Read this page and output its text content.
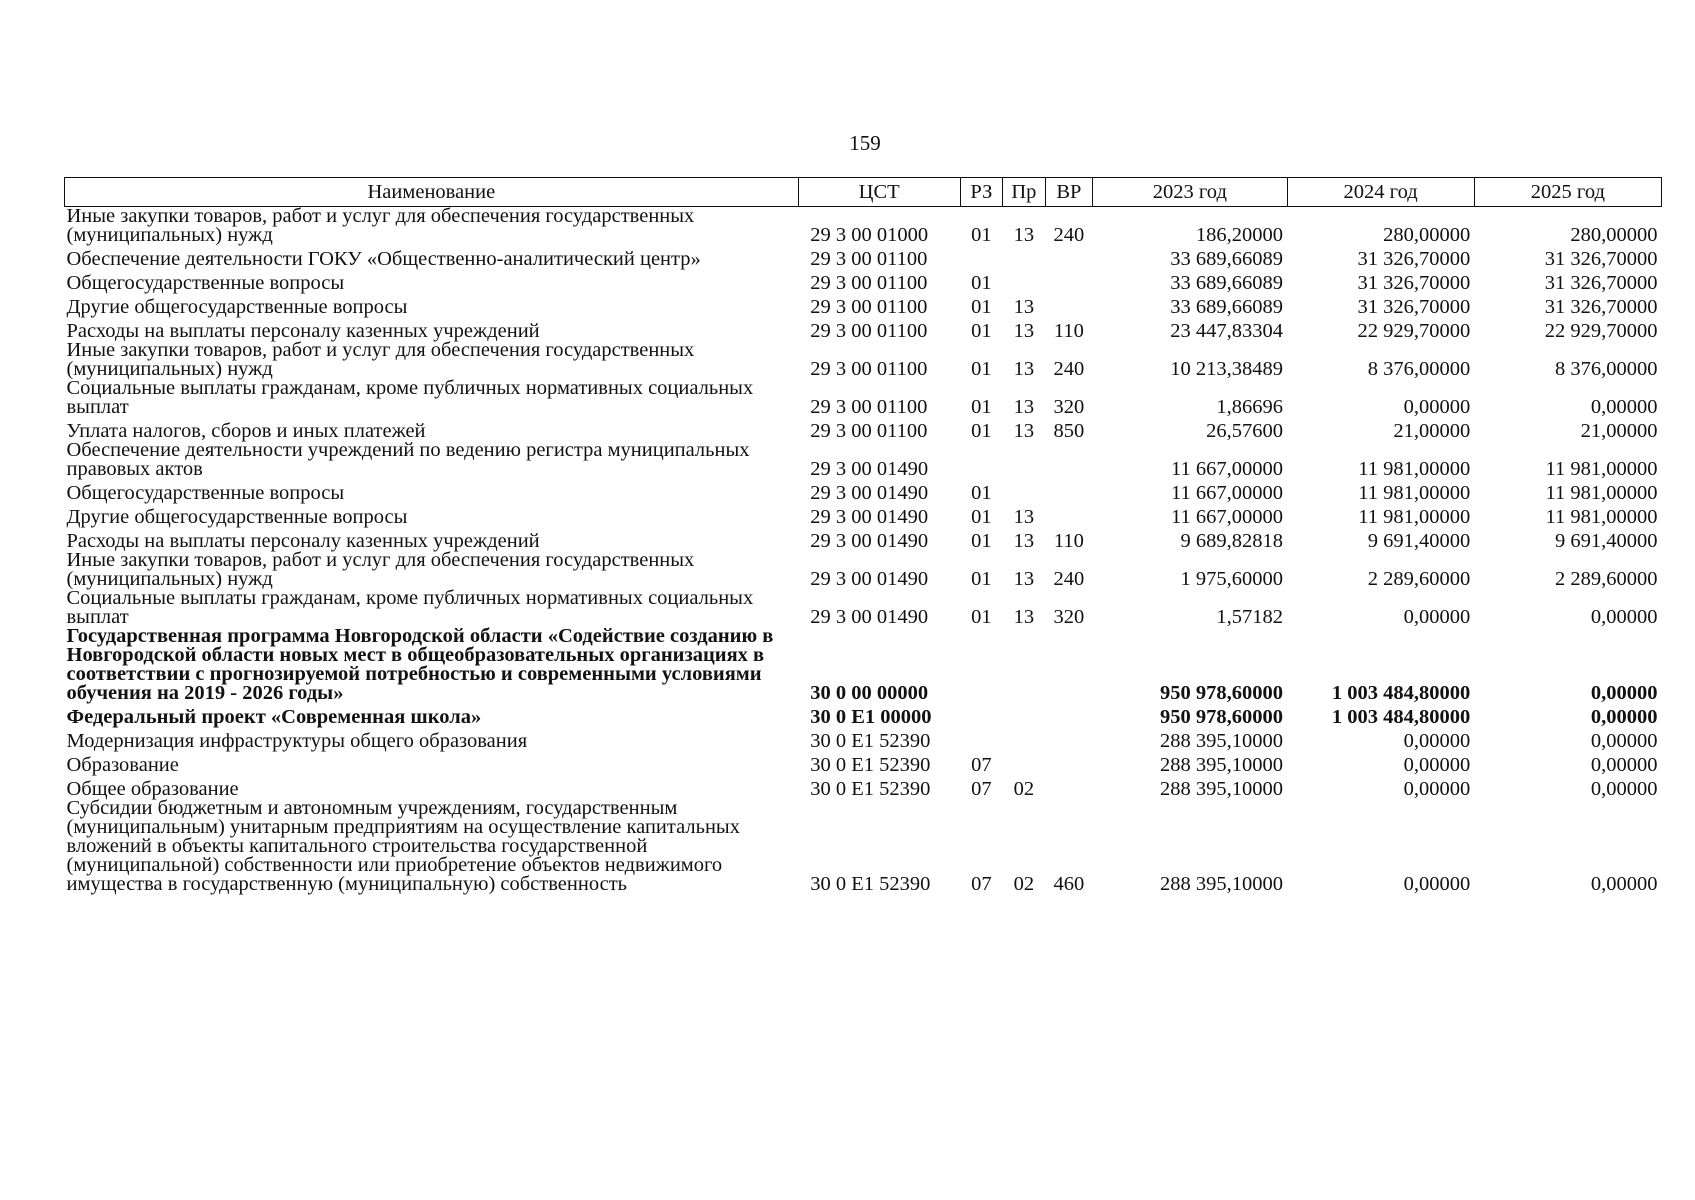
159
Наименование	ЦСТ	РЗ	Пр	ВР	2023 год	2024 год	2025 год
Иные закупки товаров, работ и услуг для обеспечения государственных (муниципальных) нужд	29 3 00 01000	01	13	240	186,20000	280,00000	280,00000
Обеспечение деятельности ГОКУ «Общественно-аналитический центр»	29 3 00 01100				33 689,66089	31 326,70000	31 326,70000
Общегосударственные вопросы	29 3 00 01100	01			33 689,66089	31 326,70000	31 326,70000
Другие общегосударственные вопросы	29 3 00 01100	01	13		33 689,66089	31 326,70000	31 326,70000
Расходы на выплаты персоналу казенных учреждений	29 3 00 01100	01	13	110	23 447,83304	22 929,70000	22 929,70000
Иные закупки товаров, работ и услуг для обеспечения государственных (муниципальных) нужд	29 3 00 01100	01	13	240	10 213,38489	8 376,00000	8 376,00000
Социальные выплаты гражданам, кроме публичных нормативных социальных выплат	29 3 00 01100	01	13	320	1,86696	0,00000	0,00000
Уплата налогов, сборов и иных платежей	29 3 00 01100	01	13	850	26,57600	21,00000	21,00000
Обеспечение деятельности учреждений по ведению регистра муниципальных правовых актов	29 3 00 01490				11 667,00000	11 981,00000	11 981,00000
Общегосударственные вопросы	29 3 00 01490	01			11 667,00000	11 981,00000	11 981,00000
Другие общегосударственные вопросы	29 3 00 01490	01	13		11 667,00000	11 981,00000	11 981,00000
Расходы на выплаты персоналу казенных учреждений	29 3 00 01490	01	13	110	9 689,82818	9 691,40000	9 691,40000
Иные закупки товаров, работ и услуг для обеспечения государственных (муниципальных) нужд	29 3 00 01490	01	13	240	1 975,60000	2 289,60000	2 289,60000
Социальные выплаты гражданам, кроме публичных нормативных социальных выплат	29 3 00 01490	01	13	320	1,57182	0,00000	0,00000
Государственная программа Новгородской области «Содействие созданию в Новгородской области новых мест в общеобразовательных организациях в соответствии с прогнозируемой потребностью и современными условиями обучения на 2019 - 2026 годы»	30 0 00 00000				950 978,60000	1 003 484,80000	0,00000
Федеральный проект «Современная школа»	30 0 E1 00000				950 978,60000	1 003 484,80000	0,00000
Модернизация инфраструктуры общего образования	30 0 E1 52390				288 395,10000	0,00000	0,00000
Образование	30 0 E1 52390	07			288 395,10000	0,00000	0,00000
Общее образование	30 0 E1 52390	07	02		288 395,10000	0,00000	0,00000
Субсидии бюджетным и автономным учреждениям, государственным (муниципальным) унитарным предприятиям на осуществление капитальных вложений в объекты капитального строительства государственной (муниципальной) собственности или приобретение объектов недвижимого имущества в государственную (муниципальную) собственность	30 0 E1 52390	07	02	460	288 395,10000	0,00000	0,00000
